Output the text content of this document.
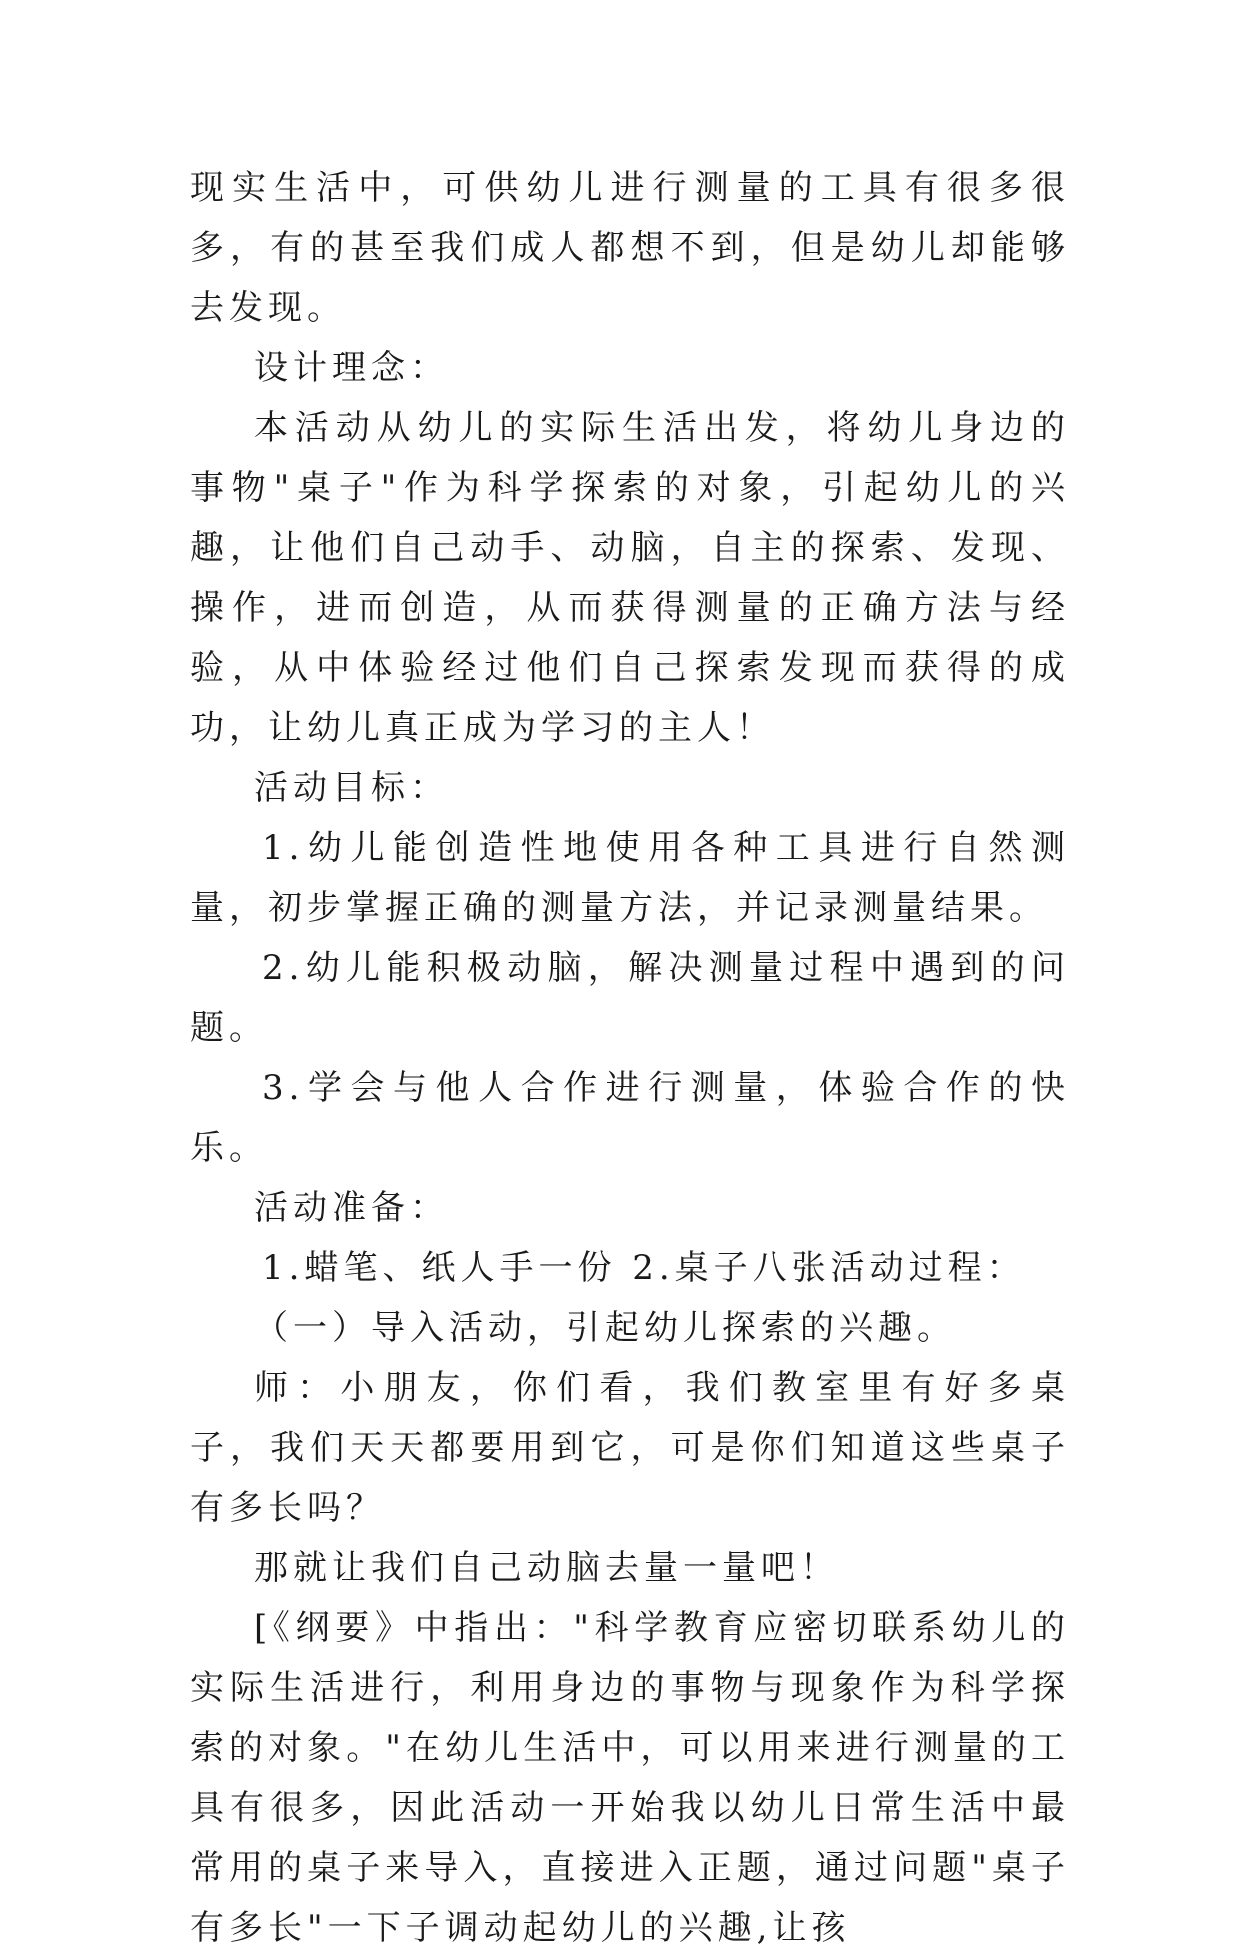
现实生活中，可供幼儿进行测量的工具有很多很多，有的甚至我们成人都想不到，但是幼儿却能够去发现。

设计理念：

本活动从幼儿的实际生活出发，将幼儿身边的事物"桌子"作为科学探索的对象，引起幼儿的兴趣，让他们自己动手、动脑，自主的探索、发现、操作，进而创造，从而获得测量的正确方法与经验，从中体验经过他们自己探索发现而获得的成功，让幼儿真正成为学习的主人！

活动目标：

1.幼儿能创造性地使用各种工具进行自然测量，初步掌握正确的测量方法，并记录测量结果。

2.幼儿能积极动脑，解决测量过程中遇到的问题。

3.学会与他人合作进行测量，体验合作的快乐。

活动准备：

1.蜡笔、纸人手一份 2.桌子八张活动过程：

（一）导入活动，引起幼儿探索的兴趣。

师：小朋友，你们看，我们教室里有好多桌子，我们天天都要用到它，可是你们知道这些桌子有多长吗？

那就让我们自己动脑去量一量吧！

[《纲要》中指出："科学教育应密切联系幼儿的实际生活进行，利用身边的事物与现象作为科学探索的对象。"在幼儿生活中，可以用来进行测量的工具有很多，因此活动一开始我以幼儿日常生活中最常用的桌子来导入，直接进入正题，通过问题"桌子有多长"一下子调动起幼儿的兴趣,让孩
